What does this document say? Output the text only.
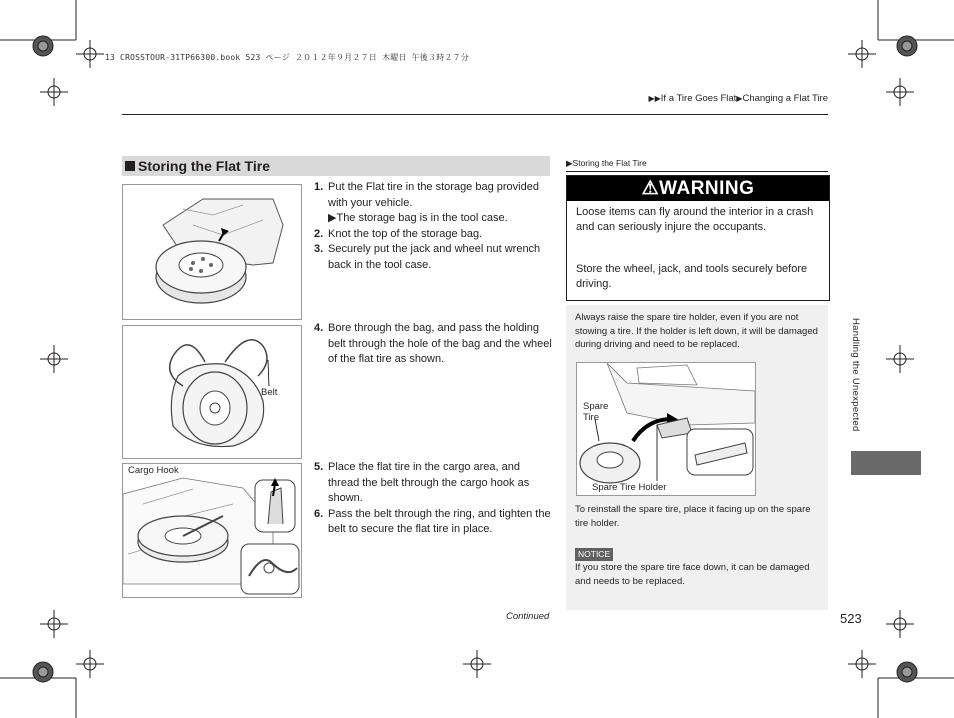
13 CROSSTOUR-31TP66300.book 523 ページ ２０１２年９月２７日 木曜日 午後３時２７分
▶▶If a Tire Goes Flat▶Changing a Flat Tire
Storing the Flat Tire
Belt
Cargo Hook
1. Put the Flat tire in the storage bag provided with your vehicle.
▶The storage bag is in the tool case.
2. Knot the top of the storage bag.
3. Securely put the jack and wheel nut wrench back in the tool case.
4. Bore through the bag, and pass the holding belt through the hole of the bag and the wheel of the flat tire as shown.
5. Place the flat tire in the cargo area, and thread the belt through the cargo hook as shown.
6. Pass the belt through the ring, and tighten the belt to secure the flat tire in place.
▶Storing the Flat Tire
⚠WARNING

Loose items can fly around the interior in a crash and can seriously injure the occupants.

Store the wheel, jack, and tools securely before driving.

Always raise the spare tire holder, even if you are not stowing a tire. If the holder is left down, it will be damaged during driving and need to be replaced.
Spare Tire
Spare Tire Holder
To reinstall the spare tire, place it facing up on the spare tire holder.
NOTICE
If you store the spare tire face down, it can be damaged and needs to be replaced.
Handling the Unexpected
Continued	523
